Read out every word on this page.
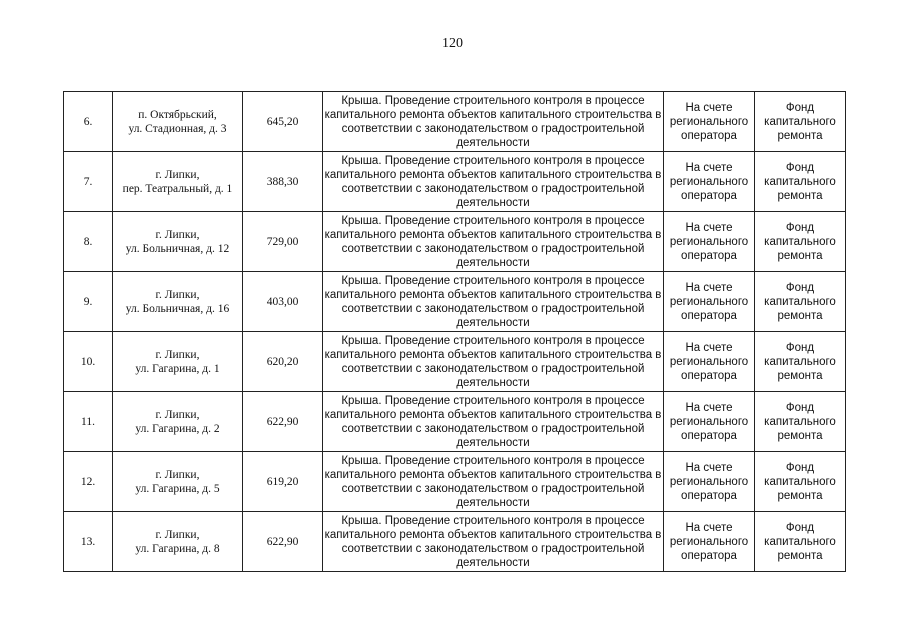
120
6.	п. Октябрьский,
ул. Стадионная, д. 3	645,20	Крыша. Проведение строительного контроля в процессе капитального ремонта объектов капитального строительства в соответствии с законодательством о градостроительной деятельности	На счете регионального оператора	Фонд капитального ремонта
7.	г. Липки,
пер. Театральный, д. 1	388,30	Крыша. Проведение строительного контроля в процессе капитального ремонта объектов капитального строительства в соответствии с законодательством о градостроительной деятельности	На счете регионального оператора	Фонд капитального ремонта
8.	г. Липки,
ул. Больничная, д. 12	729,00	Крыша. Проведение строительного контроля в процессе капитального ремонта объектов капитального строительства в соответствии с законодательством о градостроительной деятельности	На счете регионального оператора	Фонд капитального ремонта
9.	г. Липки,
ул. Больничная, д. 16	403,00	Крыша. Проведение строительного контроля в процессе капитального ремонта объектов капитального строительства в соответствии с законодательством о градостроительной деятельности	На счете регионального оператора	Фонд капитального ремонта
10.	г. Липки,
ул. Гагарина, д. 1	620,20	Крыша. Проведение строительного контроля в процессе капитального ремонта объектов капитального строительства в соответствии с законодательством о градостроительной деятельности	На счете регионального оператора	Фонд капитального ремонта
11.	г. Липки,
ул. Гагарина, д. 2	622,90	Крыша. Проведение строительного контроля в процессе капитального ремонта объектов капитального строительства в соответствии с законодательством о градостроительной деятельности	На счете регионального оператора	Фонд капитального ремонта
12.	г. Липки,
ул. Гагарина, д. 5	619,20	Крыша. Проведение строительного контроля в процессе капитального ремонта объектов капитального строительства в соответствии с законодательством о градостроительной деятельности	На счете регионального оператора	Фонд капитального ремонта
13.	г. Липки,
ул. Гагарина, д. 8	622,90	Крыша. Проведение строительного контроля в процессе капитального ремонта объектов капитального строительства в соответствии с законодательством о градостроительной деятельности	На счете регионального оператора	Фонд капитального ремонта
